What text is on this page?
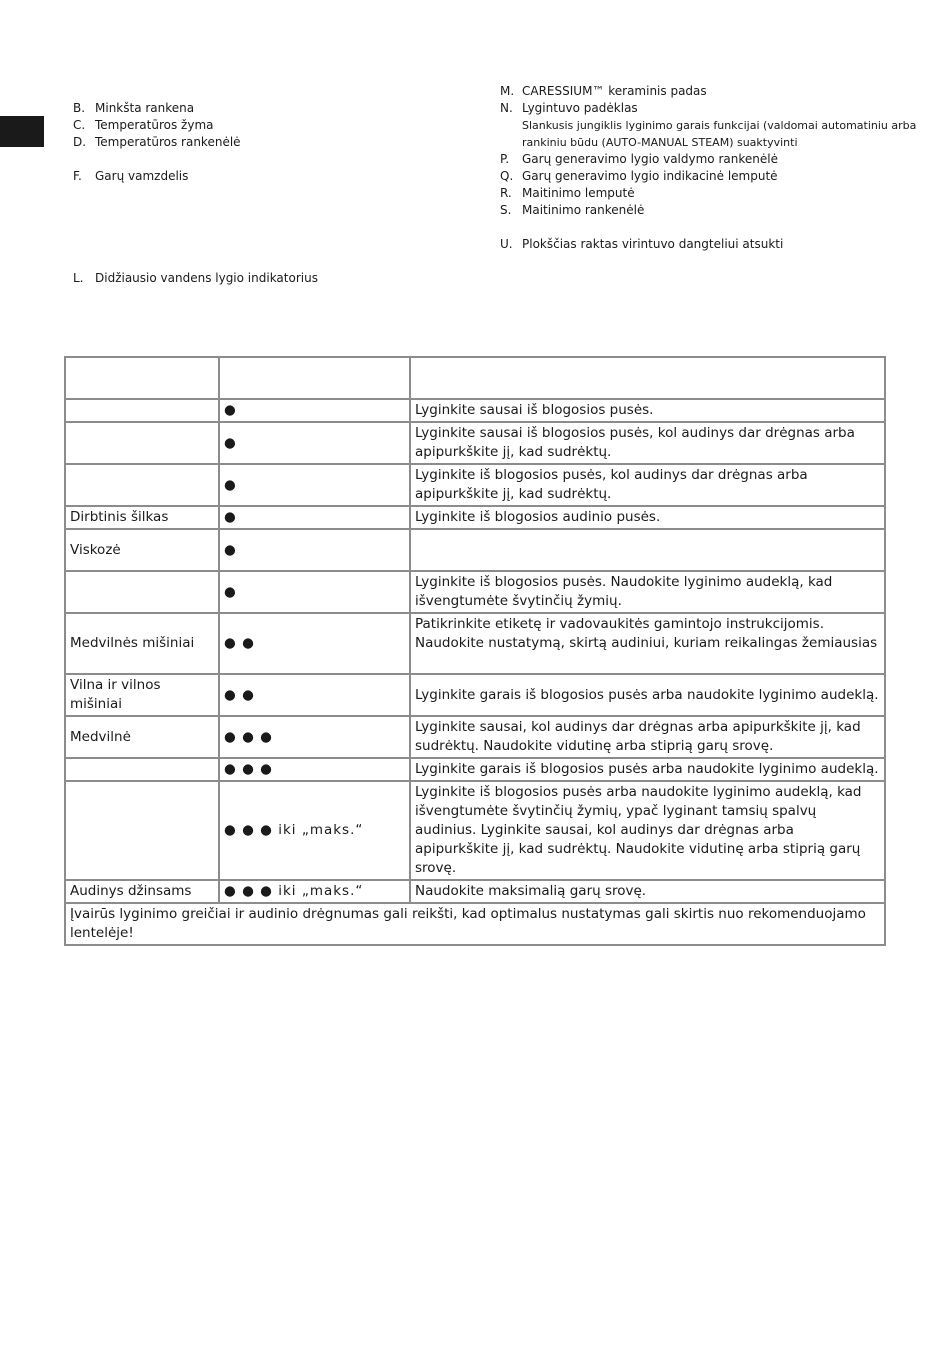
B. Minkšta rankena
C. Temperatūros žyma
D. Temperatūros rankenėlė
F.	Garų vamzdelis
L. Didžiausio vandens lygio indikatorius
M. CARESSIUM™ keraminis padas
N. Lygintuvo padėklas
Slankusis jungiklis lyginimo garais funkcijai (valdomai automatiniu arba rankiniu būdu (AUTO-MANUAL STEAM) suaktyvinti
P.	Garų generavimo lygio valdymo rankenėlė
Q. Garų generavimo lygio indikacinė lemputė
R. Maitinimo lemputė
S. Maitinimo rankenėlė
U. Plokščias raktas virintuvo dangteliui atsukti

	●	Lyginkite sausai iš blogosios pusės.
	●	Lyginkite sausai iš blogosios pusės, kol audinys dar drėgnas arba apipurkškite jį, kad sudrėktų.
	●	Lyginkite iš blogosios pusės, kol audinys dar drėgnas arba apipurkškite jį, kad sudrėktų.
Dirbtinis šilkas	●	Lyginkite iš blogosios audinio pusės.
Viskozė	●	
	●	Lyginkite iš blogosios pusės. Naudokite lyginimo audeklą, kad išvengtumėte švytinčių žymių.
Medvilnės mišiniai	● ●	Patikrinkite etiketę ir vadovaukitės gamintojo instrukcijomis. Naudokite nustatymą, skirtą audiniui, kuriam reikalingas žemiausias
Vilna ir vilnos mišiniai	● ●	Lyginkite garais iš blogosios pusės arba naudokite lyginimo audeklą.
Medvilnė	● ● ●	Lyginkite sausai, kol audinys dar drėgnas arba apipurkškite jį, kad sudrėktų. Naudokite vidutinę arba stiprią garų srovę.
	● ● ●	Lyginkite garais iš blogosios pusės arba naudokite lyginimo audeklą.
	● ● ● iki „maks.“	Lyginkite iš blogosios pusės arba naudokite lyginimo audeklą, kad išvengtumėte švytinčių žymių, ypač lyginant tamsių spalvų audinius. Lyginkite sausai, kol audinys dar drėgnas arba apipurkškite jį, kad sudrėktų. Naudokite vidutinę arba stiprią garų srovę.
Audinys džinsams	● ● ● iki „maks.“	Naudokite maksimalią garų srovę.
Įvairūs lyginimo greičiai ir audinio drėgnumas gali reikšti, kad optimalus nustatymas gali skirtis nuo rekomenduojamo lentelėje!		
